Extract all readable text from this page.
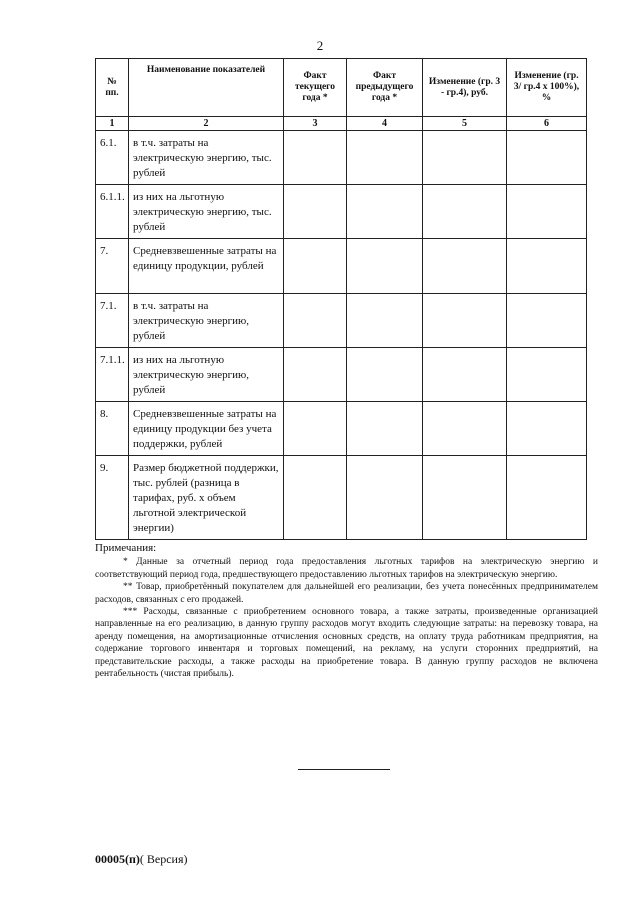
2
№ пп.	Наименование показателей	Факт текущего года *	Факт предыдущего года *	Изменение (гр. 3 - гр.4), руб.	Изменение (гр. 3/ гр.4 х 100%), %
1	2	3	4	5	6
6.1.	в т.ч. затраты на электрическую энергию, тыс. рублей				
6.1.1.	из них на льготную электрическую энергию, тыс. рублей				
7.	Средневзвешенные затраты на единицу продукции, рублей				
7.1.	в т.ч. затраты на электрическую энергию, рублей				
7.1.1.	из них на льготную электрическую энергию, рублей				
8.	Средневзвешенные затраты на единицу продукции без учета поддержки, рублей				
9.	Размер бюджетной поддержки, тыс. рублей (разница в тарифах, руб. х объем льготной электрической энергии)				
Примечания:

* Данные за отчетный период года предоставления льготных тарифов на электрическую энергию и соответствующий период года, предшествующего предоставлению льготных тарифов на электрическую энергию.

** Товар, приобретённый покупателем для дальнейшей его реализации, без учета понесённых предпринимателем расходов, связанных с его продажей.

*** Расходы, связанные с приобретением основного товара, а также затраты, произведенные организацией направленные на его реализацию, в данную группу расходов могут входить следующие затраты: на перевозку товара, на аренду помещения, на амортизационные отчисления основных средств, на оплату труда работникам предприятия, на содержание торгового инвентаря и торговых помещений, на рекламу, на услуги сторонних предприятий, на представительские расходы, а также расходы на приобретение товара. В данную группу расходов не включена рентабельность (чистая прибыль).

00005(п)( Версия)
